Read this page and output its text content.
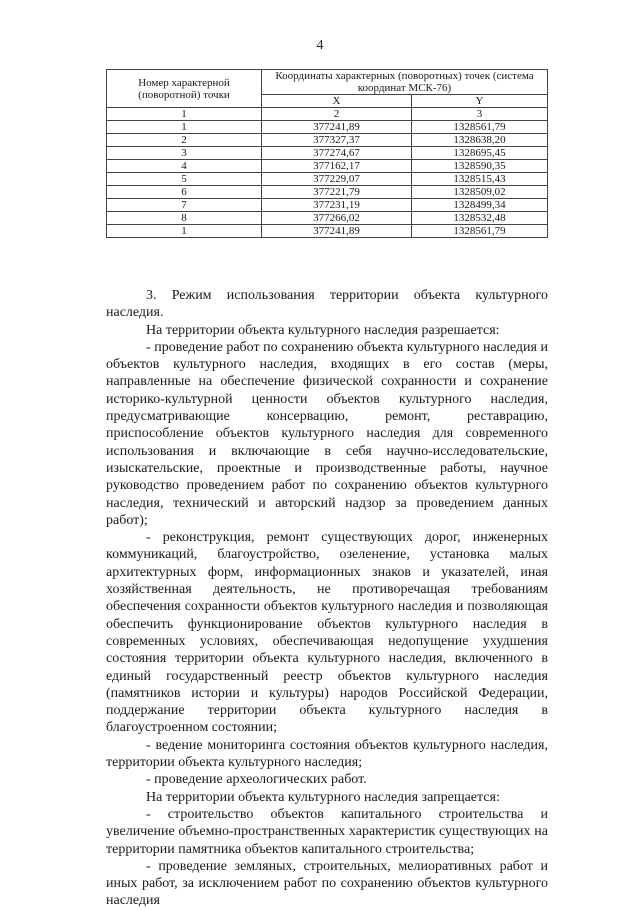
4
Номер характерной (поворотной) точки	Координаты характерных (поворотных) точек (система координат МСК-76)	
	X	Y
1	2	3
1	377241,89	1328561,79
2	377327,37	1328638,20
3	377274,67	1328695,45
4	377162,17	1328590,35
5	377229,07	1328515,43
6	377221,79	1328509,02
7	377231,19	1328499,34
8	377266,02	1328532,48
1	377241,89	1328561,79

3. Режим использования территории объекта культурного наследия.

На территории объекта культурного наследия разрешается:

- проведение работ по сохранению объекта культурного наследия и объектов культурного наследия, входящих в его состав (меры, направленные на обеспечение физической сохранности и сохранение историко-культурной ценности объектов культурного наследия, предусматривающие консервацию, ремонт, реставрацию, приспособление объектов культурного наследия для современного использования и включающие в себя научно-исследовательские, изыскательские, проектные и производственные работы, научное руководство проведением работ по сохранению объектов культурного наследия, технический и авторский надзор за проведением данных работ);

- реконструкция, ремонт существующих дорог, инженерных коммуникаций, благоустройство, озеленение, установка малых архитектурных форм, информационных знаков и указателей, иная хозяйственная деятельность, не противоречащая требованиям обеспечения сохранности объектов культурного наследия и позволяющая обеспечить функционирование объектов культурного наследия в современных условиях, обеспечивающая недопущение ухудшения состояния территории объекта культурного наследия, включенного в единый государственный реестр объектов культурного наследия (памятников истории и культуры) народов Российской Федерации, поддержание территории объекта культурного наследия в благоустроенном состоянии;

- ведение мониторинга состояния объектов культурного наследия, территории объекта культурного наследия;

- проведение археологических работ.

На территории объекта культурного наследия запрещается:

- строительство объектов капитального строительства и увеличение объемно-пространственных характеристик существующих на территории памятника объектов капитального строительства;

- проведение земляных, строительных, мелиоративных работ и иных работ, за исключением работ по сохранению объектов культурного наследия
